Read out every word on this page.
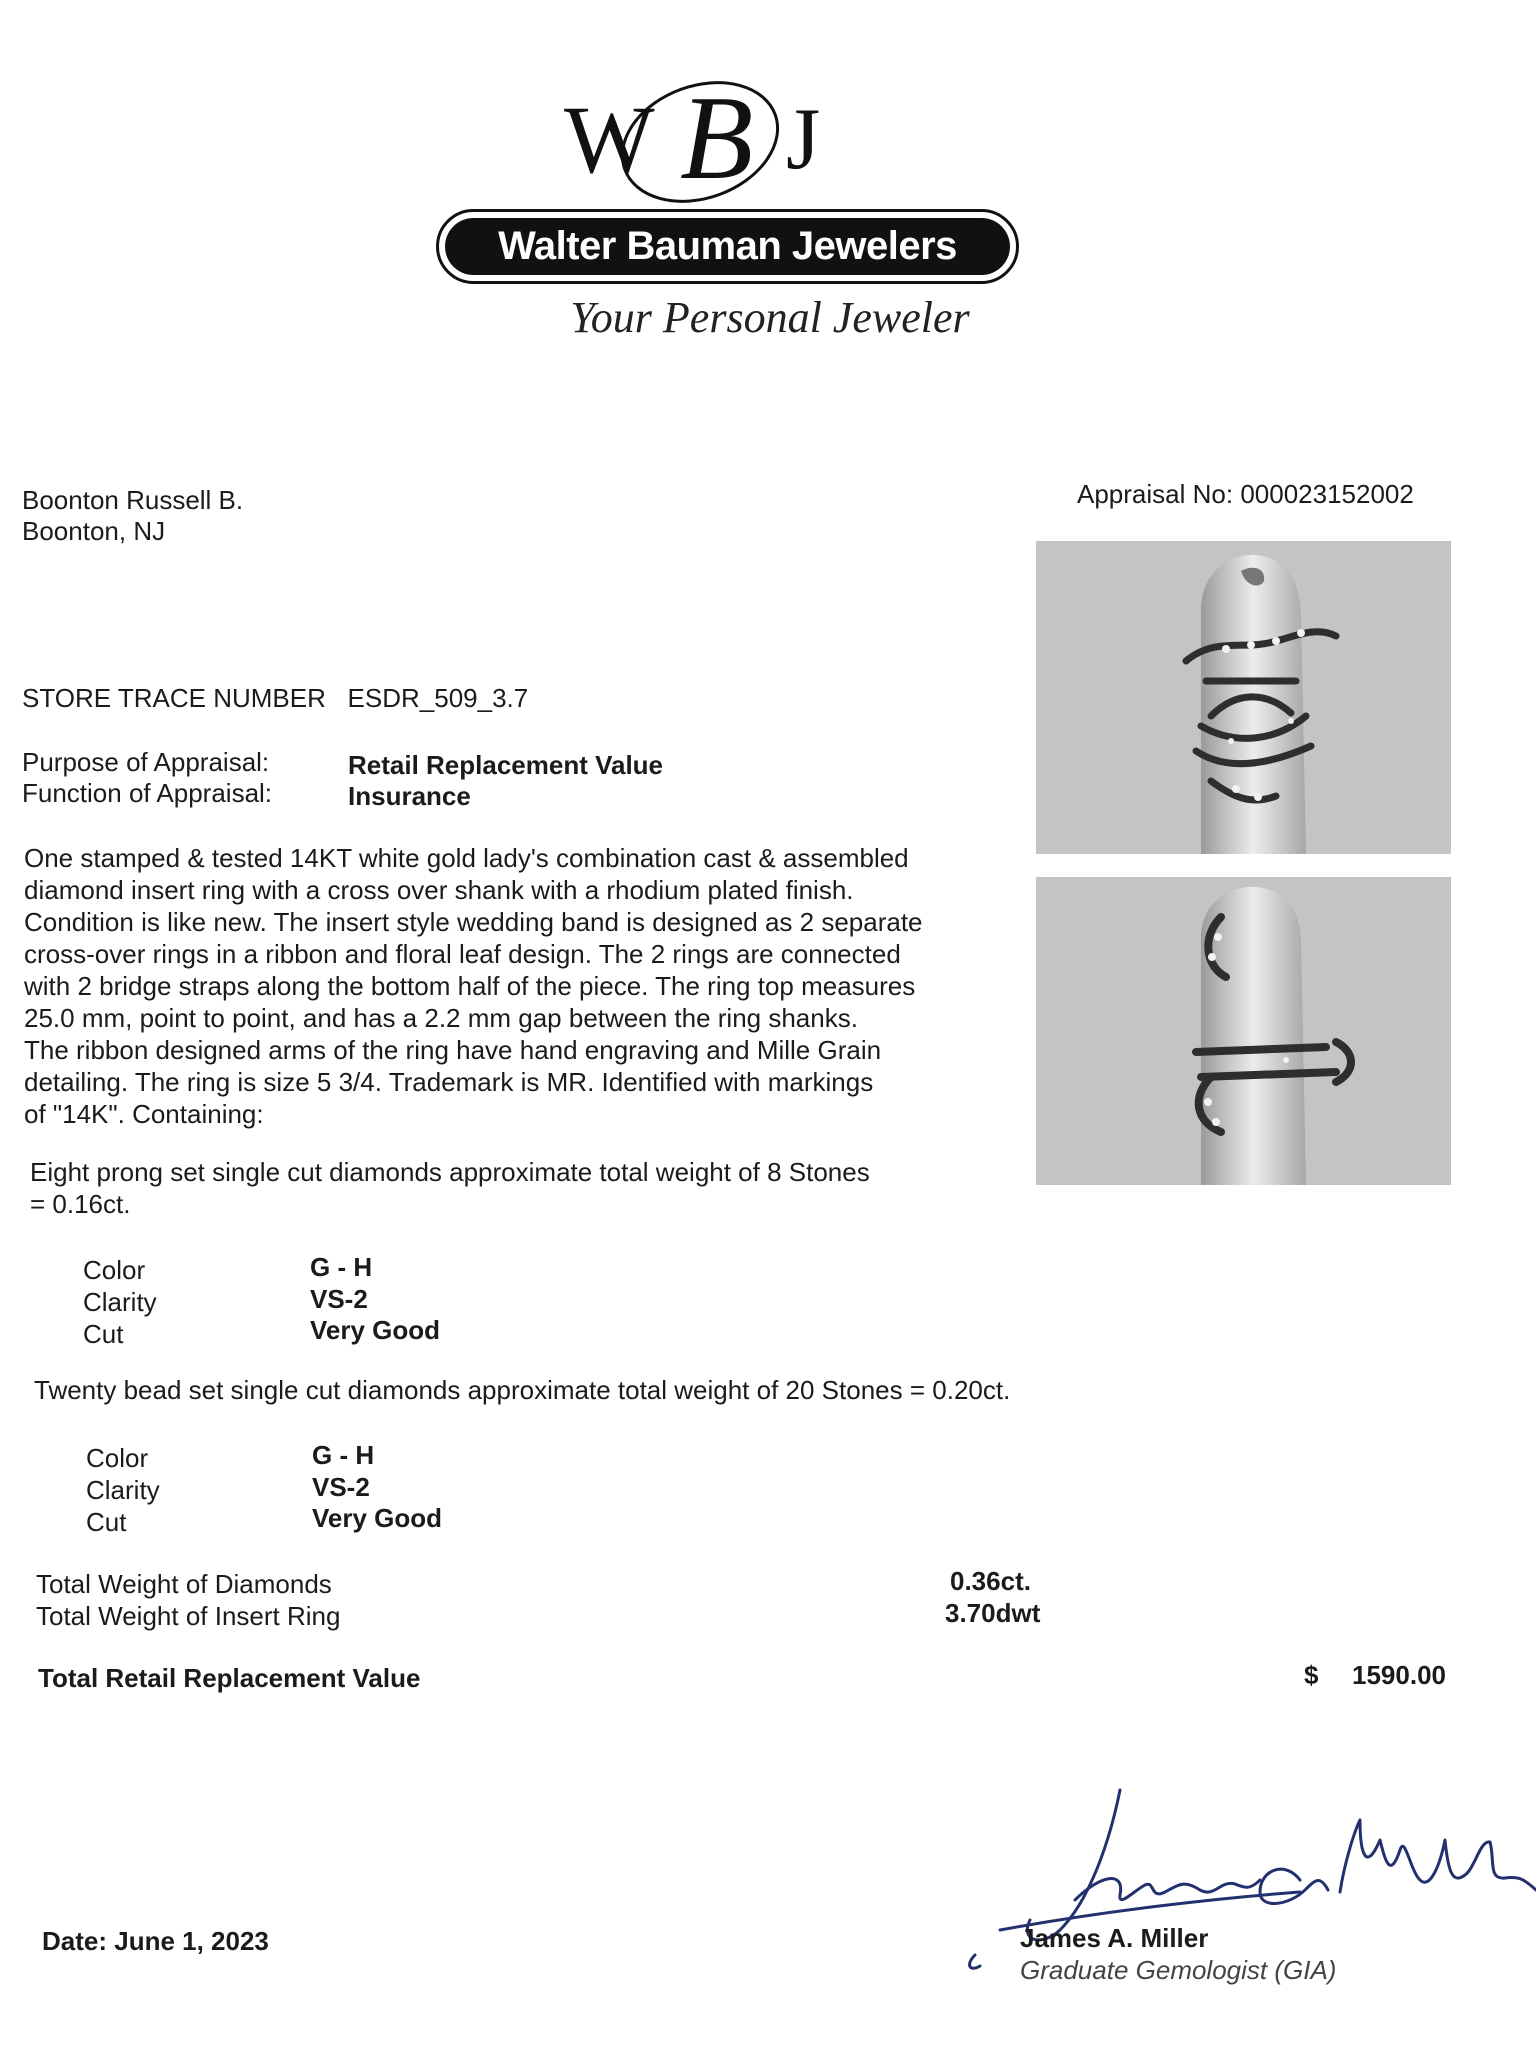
W B J
Walter Bauman Jewelers
Your Personal Jeweler
Boonton Russell B.
Boonton, NJ
Appraisal No: 000023152002
STORE TRACE NUMBER ESDR_509_3.7
Purpose of Appraisal:	Retail Replacement Value
Function of Appraisal:	Insurance
One stamped & tested 14KT white gold lady's combination cast & assembled
diamond insert ring with a cross over shank with a rhodium plated finish.
Condition is like new. The insert style wedding band is designed as 2 separate
cross-over rings in a ribbon and floral leaf design. The 2 rings are connected
with 2 bridge straps along the bottom half of the piece. The ring top measures
25.0 mm, point to point, and has a 2.2 mm gap between the ring shanks.
The ribbon designed arms of the ring have hand engraving and Mille Grain
detailing. The ring is size 5 3/4. Trademark is MR. Identified with markings
of "14K". Containing:
Eight prong set single cut diamonds approximate total weight of 8 Stones
= 0.16ct.
Color	G - H
Clarity	VS-2
Cut	Very Good
Twenty bead set single cut diamonds approximate total weight of 20 Stones = 0.20ct.
Color	G - H
Clarity	VS-2
Cut	Very Good
Total Weight of Diamonds	0.36ct.
Total Weight of Insert Ring	3.70dwt
Total Retail Replacement Value	$ 1590.00
Date: June 1, 2023	James A. Miller
Graduate Gemologist (GIA)
